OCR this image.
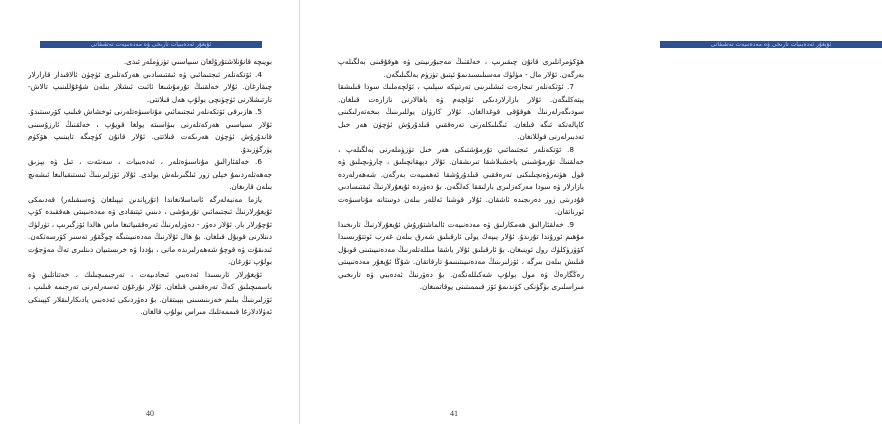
ئۇيغۇر ئەدەبىيات تارىخى ۋە مەدەنىيەت تەتقىقاتى

بويىچە قانۇنلاشتۇرۇلغان سىياسىي تۈزۈملەر ئىدى.

4. ئۆتكەنلەر ئىجتىمائىي ۋە ئىقتىسادىي ھەركەتلىرى ئۈچۈن ئالاقىدار قارارلار چىقارغان. ئۇلار خەلقنىڭ تۇرمۇشىغا ئائىت ئىشلار بىلەن شۇغۇللىنىپ تالاش-تارتىشلارنى ئۈچۈنچى بولۇپ ھەل قىلاتتى.

5. ھازىرقى ئۆتكەنلەر ئىجتىمائىي مۇناسىۋەتلەرنى ئوخشاش قىلىپ كۆرسىتىدۇ. ئۇلار سىياسىي ھەركەتلەرنى بىۋاسىتە يولغا قويۇپ ، خەلقنىڭ ئارزۇسىنى قاندۇرۇش ئۈچۈن ھەرىكەت قىلاتتى. ئۇلار قانۇن كۈچىگە تايىنىپ ھۆكۈم يۈرگۈزىدۇ.

6. خەلقئارالىق مۇناسىۋەتلەر ، ئەدەبىيات ، سەنئەت ، تىل ۋە يېزىق جەھەتلەردىمۇ خېلى زور ئىلگىرىلەش بولدى. ئۇلار ئۆزلىرىنىڭ ئىستىقبالىغا ئىشەنچ بىلەن قارىغان.

يازما مەنبەلەرگە ئاساسلانغاندا (تۇرپاندىن تېپىلغان ۋەسىقىلەر) قەدىمكى ئۇيغۇرلارنىڭ ئىجتىمائىي تۇرمۇشى ، دىنىي ئېتىقادى ۋە مەدەنىيىتى ھەققىدە كۆپ ئۇچۇرلار بار. ئۇلار دەۋر - دەۋرلەرنىڭ تەرەققىياتىغا ماس ھالدا ئۆزگىرىپ ، تۈرلۈك دىنلارنى قوبۇل قىلغان. بۇ ھال ئۇلارنىڭ مەدەنىيىتىگە چوڭقۇر تەسىر كۆرسەتكەن. ئىدىقۇت ۋە قوچۇ شەھەرلىرىدە مانى ، بۇددا ۋە خرىستىيان دىنلىرى تەڭ مەۋجۇت بولۇپ تۇرغان.

ئۇيغۇرلار ئارىسىدا ئەدەبىي ئىجادىيەت ، تەرجىمىچىلىك ، خەتتاتلىق ۋە باسمىچىلىق كەڭ تەرەققىي قىلغان. ئۇلار نۇرغۇن ئەسەرلەرنى تەرجىمە قىلىپ ، ئۆزلىرىنىڭ بىلىم خەزىنىسىنى بېيىتقان. بۇ دەۋردىكى ئەدەبىي يادىكارلىقلار كېيىنكى ئەۋلادلارغا قىممەتلىك مىراس بولۇپ قالغان.

40
ئۇيغۇر ئەدەبىيات تارىخى ۋە مەدەنىيەت تەتقىقاتى

ھۆكۈمرانلىرى قانۇن چىقىرىپ ، خەلقنىڭ مەجبۇرىيىتى ۋە ھوقۇقىنى بەلگىلەپ بەرگەن. ئۇلار مال - مۈلۈك مەسىلىسىدىمۇ ئېنىق تۈزۈم بەلگىلىگەن.

7. ئۆتكەنلەر تىجارەت ئىشلىرىنى تەرتىپكە سېلىپ ، ئۆلچەملىك سودا قىلىشقا يېتەكلىگەن. ئۇلار بازارلاردىكى ئۆلچەم ۋە باھالارنى نازارەت قىلغان. سودىگەرلەرنىڭ ھوقۇقى قوغدالغان. ئۇلار كارۋان يوللىرىنىڭ بىخەتەرلىكىنى كاپالەتكە ئىگە قىلغان. ئىگىلىكلەرنى تەرەققىي قىلدۇرۇش ئۈچۈن ھەر خىل تەدبىرلەرنى قوللانغان.

8. ئۆتكەنلەر ئىجتىمائىي تۇرمۇشتىكى ھەر خىل تۈزۈملەرنى بەلگىلەپ ، خەلقنىڭ تۇرمۇشىنى ياخشىلاشقا تىرىشقان. ئۇلار دېھقانچىلىق ، چارۋىچىلىق ۋە قول ھۈنەرۋەنچىلىكنى تەرەققىي قىلدۇرۇشقا ئەھمىيەت بەرگەن. شەھەرلەردە بازارلار ۋە سودا مەركەزلىرى بارلىققا كەلگەن. بۇ دەۋردە ئۇيغۇرلارنىڭ ئىقتىسادىي قۇدرىتى زور دەرىجىدە ئاشقان. ئۇلار قوشنا ئەللەر بىلەن دوستانە مۇناسىۋەت ئورناتقان.

9. خەلقئارالىق ھەمكارلىق ۋە مەدەنىيەت ئالماشتۇرۇش ئۇيغۇرلارنىڭ تارىخىدا مۇھىم ئورۇندا تۇرىدۇ. ئۇلار يىپەك يولى ئارقىلىق شەرق بىلەن غەرب ئوتتۇرىسىدا كۆۋرۈكلۈك رول ئوينىغان. بۇ ئارقىلىق ئۇلار باشقا مىللەتلەرنىڭ مەدەنىيىتىنى قوبۇل قىلىش بىلەن بىرگە ، ئۆزلىرىنىڭ مەدەنىيىتىنىمۇ تارقاتقان. شۇڭا ئۇيغۇر مەدەنىيىتى رەڭگارەڭ ۋە مول بولۇپ شەكىللەنگەن. بۇ دەۋرنىڭ ئەدەبىي ۋە تارىخىي مىراسلىرى بۈگۈنكى كۈندىمۇ ئۆز قىممىتىنى يوقاتمىغان.

41
